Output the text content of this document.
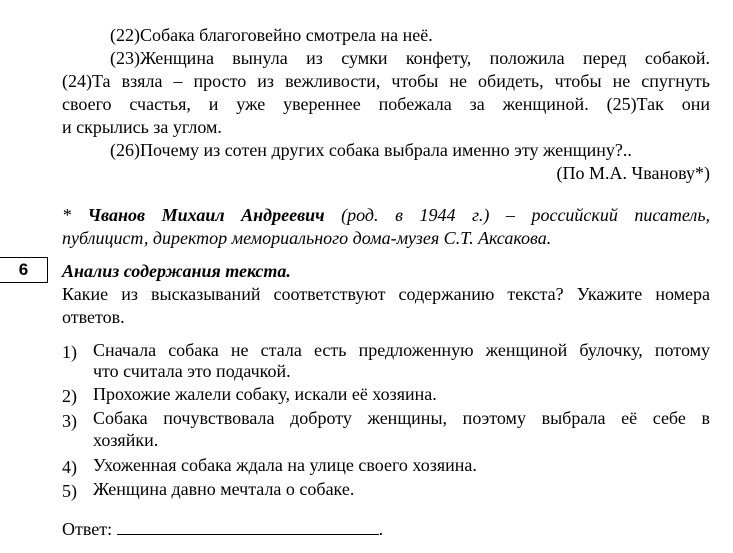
(22)Собака благоговейно смотрела на неё.
(23)Женщина вынула из сумки конфету, положила перед собакой.
(24)Та взяла – просто из вежливости, чтобы не обидеть, чтобы не спугнуть
своего счастья, и уже увереннее побежала за женщиной. (25)Так они
и скрылись за углом.
(26)Почему из сотен других собака выбрала именно эту женщину?..
(По М.А. Чванову*)
* Чванов Михаил Андреевич (род. в 1944 г.) – российский писатель,
публицист, директор мемориального дома-музея С.Т. Аксакова.
6	Анализ содержания текста.
Какие из высказываний соответствуют содержанию текста? Укажите номера
ответов.
1) Сначала собака не стала есть предложенную женщиной булочку, потому
что считала это подачкой.
2) Прохожие жалели собаку, искали её хозяина.
3) Собака почувствовала доброту женщины, поэтому выбрала её себе в
хозяйки.
4) Ухоженная собака ждала на улице своего хозяина.
5) Женщина давно мечтала о собаке.
Ответ:	.
